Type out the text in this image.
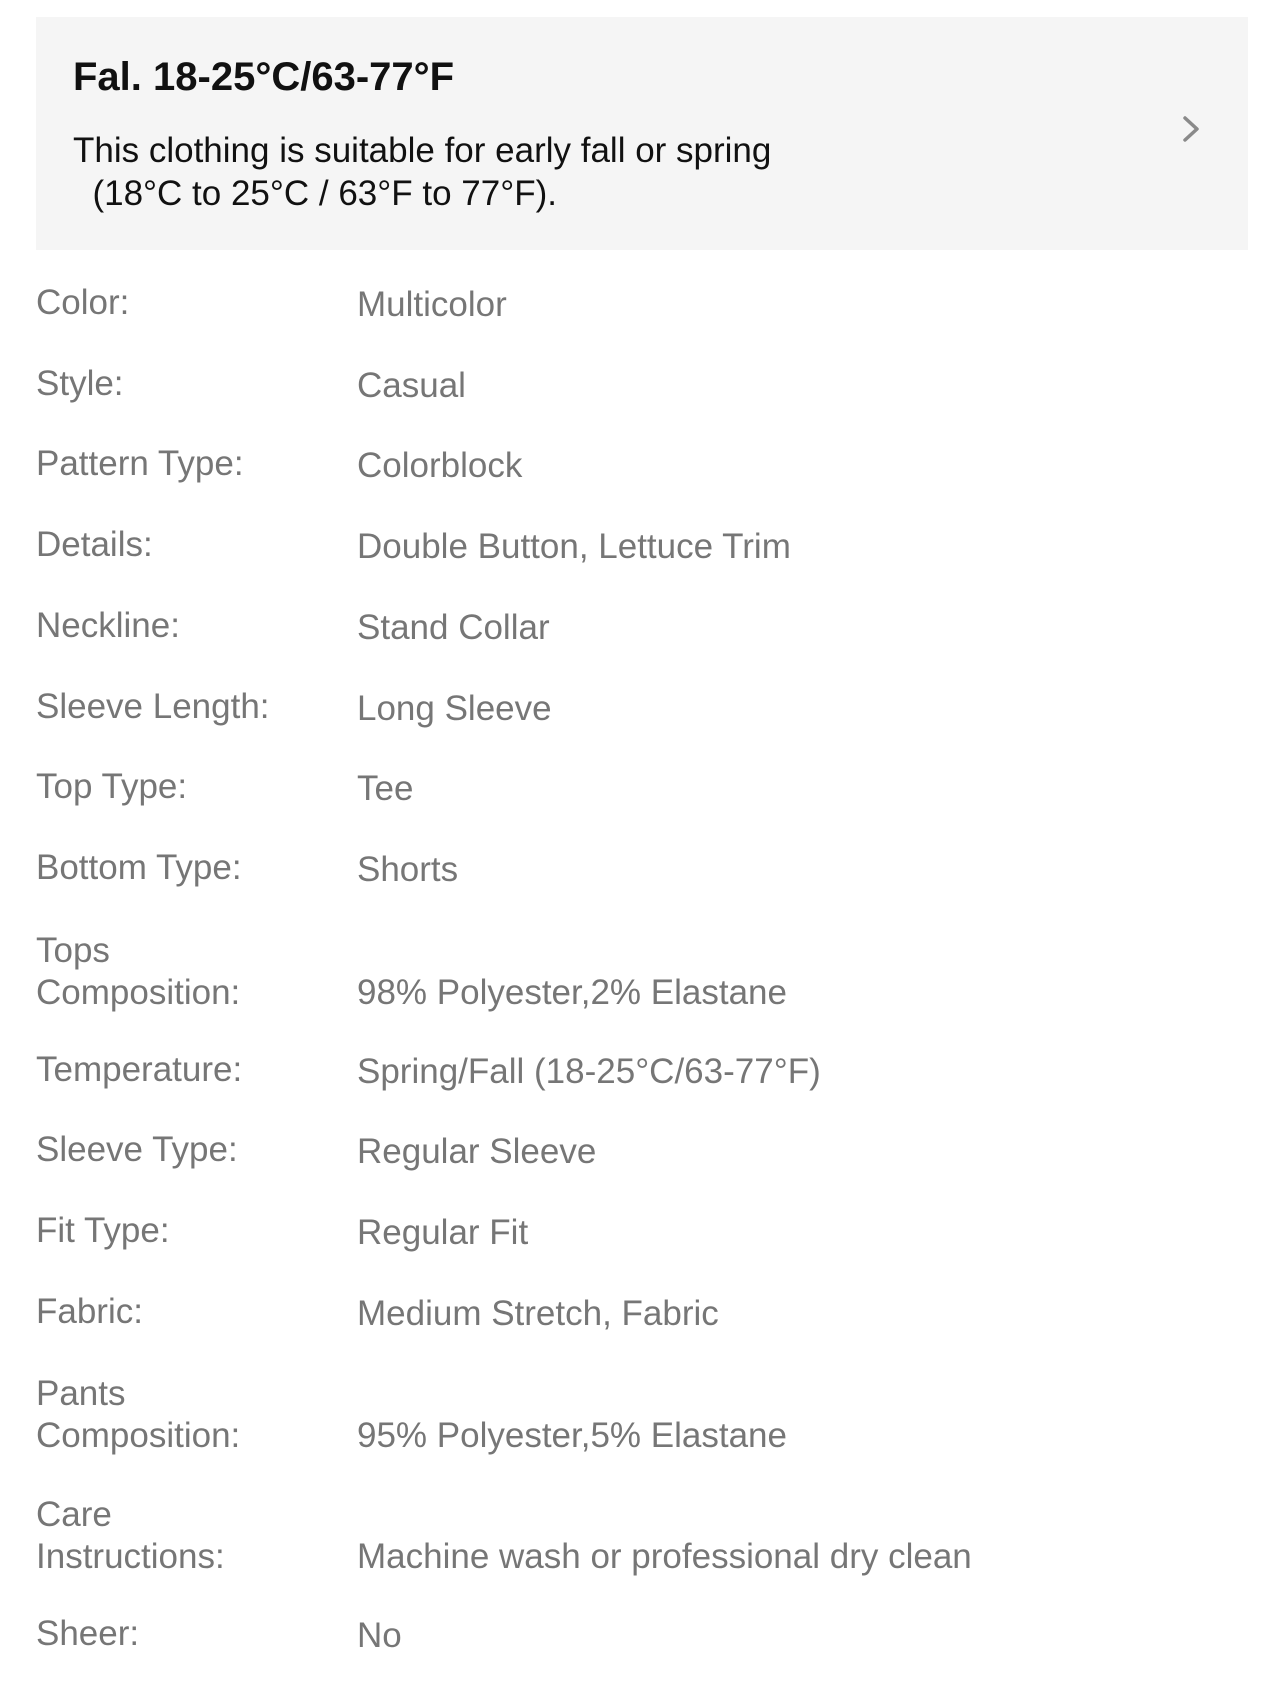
Fal. 18-25°C/63-77°F
This clothing is suitable for early fall or spring
(18°C to 25°C / 63°F to 77°F).
Color:	Multicolor
Style:	Casual
Pattern Type:	Colorblock
Details:	Double Button, Lettuce Trim
Neckline:	Stand Collar
Sleeve Length: Long Sleeve
Top Type:	Tee
Bottom Type:	Shorts
Tops
Composition:	98% Polyester,2% Elastane
Temperature:	Spring/Fall (18-25°C/63-77°F)
Sleeve Type:	Regular Sleeve
Fit Type:	Regular Fit
Fabric:	Medium Stretch, Fabric
Pants
Composition:	95% Polyester,5% Elastane
Care
Instructions:	Machine wash or professional dry clean
Sheer:	No
